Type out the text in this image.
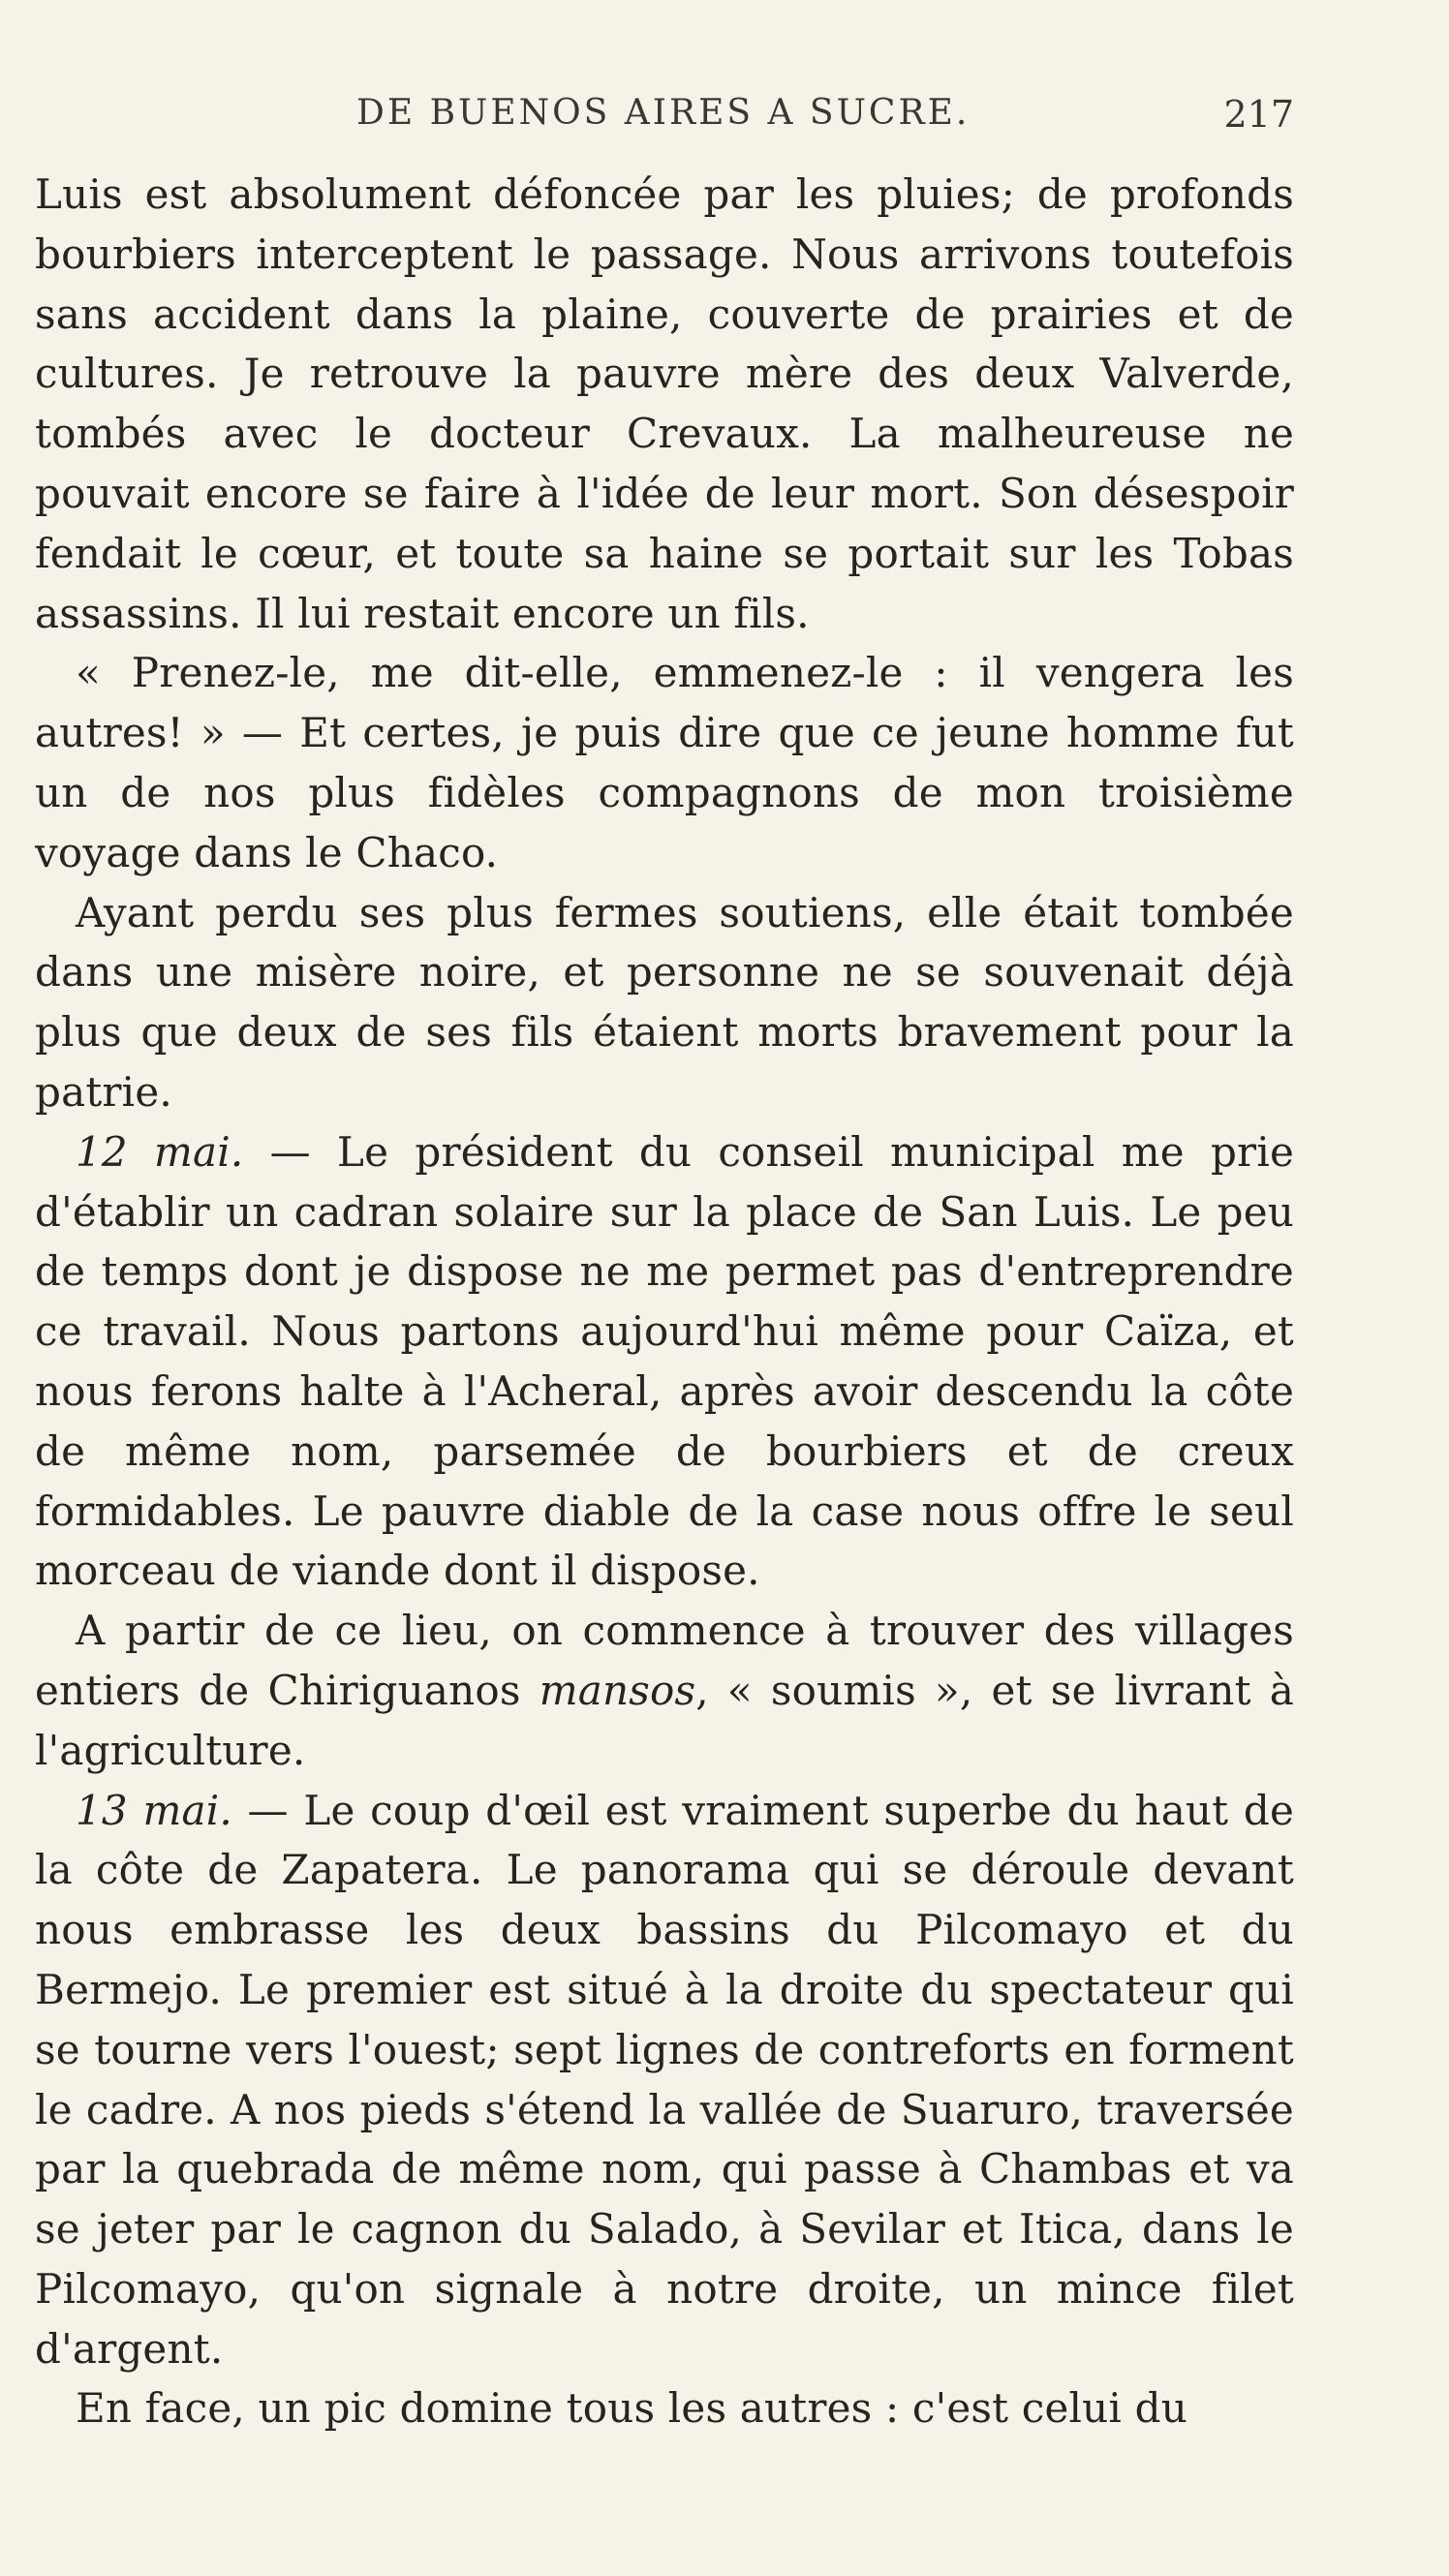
DE BUENOS AIRES A SUCRE.	217

Luis est absolument défoncée par les pluies; de profonds bourbiers interceptent le passage. Nous arrivons toutefois sans accident dans la plaine, couverte de prairies et de cultures. Je retrouve la pauvre mère des deux Valverde, tombés avec le docteur Crevaux. La malheureuse ne pouvait encore se faire à l'idée de leur mort. Son désespoir fendait le cœur, et toute sa haine se portait sur les Tobas assassins. Il lui restait encore un fils.

« Prenez-le, me dit-elle, emmenez-le : il vengera les autres! » — Et certes, je puis dire que ce jeune homme fut un de nos plus fidèles compagnons de mon troisième voyage dans le Chaco.

Ayant perdu ses plus fermes soutiens, elle était tombée dans une misère noire, et personne ne se souvenait déjà plus que deux de ses fils étaient morts bravement pour la patrie.

12 mai. — Le président du conseil municipal me prie d'établir un cadran solaire sur la place de San Luis. Le peu de temps dont je dispose ne me permet pas d'entreprendre ce travail. Nous partons aujourd'hui même pour Caïza, et nous ferons halte à l'Acheral, après avoir descendu la côte de même nom, parsemée de bourbiers et de creux formidables. Le pauvre diable de la case nous offre le seul morceau de viande dont il dispose.

A partir de ce lieu, on commence à trouver des villages entiers de Chiriguanos mansos, « soumis », et se livrant à l'agriculture.

13 mai. — Le coup d'œil est vraiment superbe du haut de la côte de Zapatera. Le panorama qui se déroule devant nous embrasse les deux bassins du Pilcomayo et du Bermejo. Le premier est situé à la droite du spectateur qui se tourne vers l'ouest; sept lignes de contreforts en forment le cadre. A nos pieds s'étend la vallée de Suaruro, traversée par la quebrada de même nom, qui passe à Chambas et va se jeter par le cagnon du Salado, à Sevilar et Itica, dans le Pilcomayo, qu'on signale à notre droite, un mince filet d'argent.

En face, un pic domine tous les autres : c'est celui du
